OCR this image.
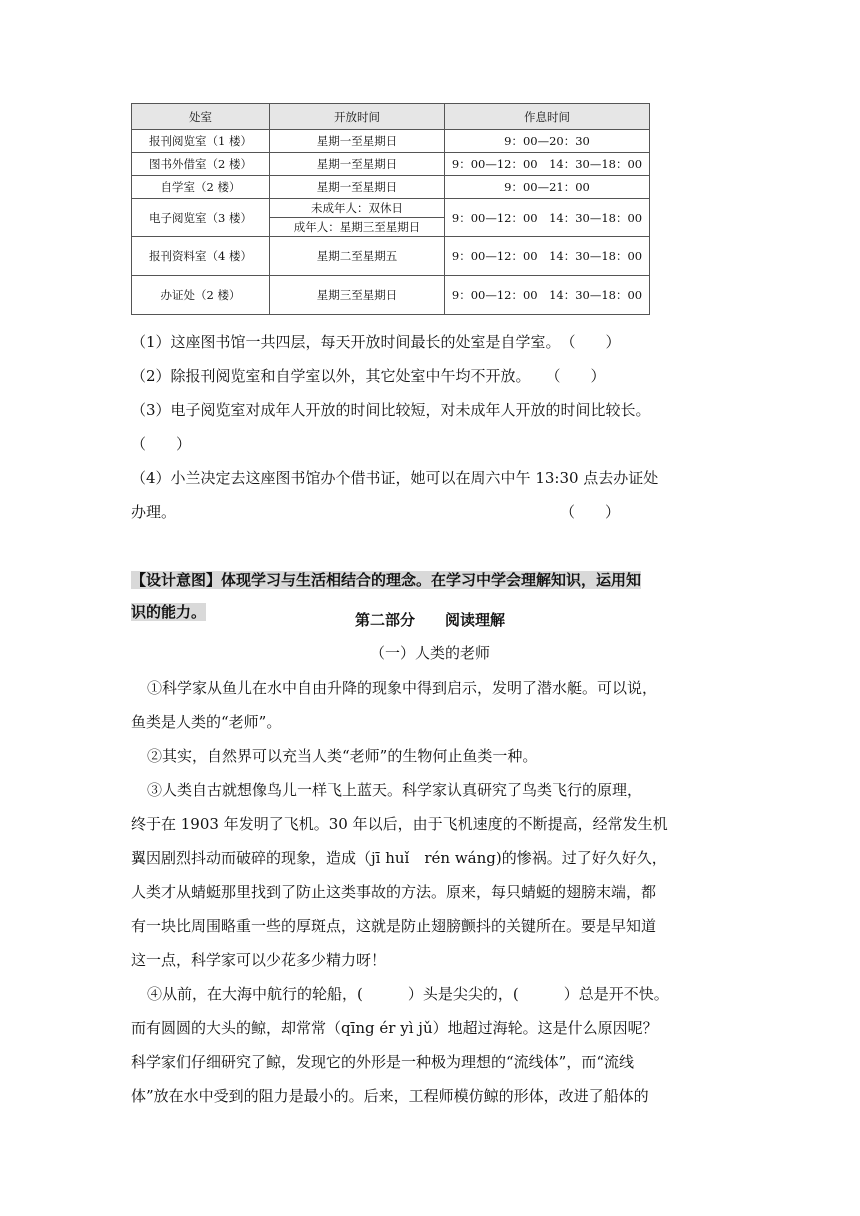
处室	开放时间	作息时间
报刊阅览室（1 楼）	星期一至星期日	9：00—20：30
图书外借室（2 楼）	星期一至星期日	9：00—12：00　14：30—18：00
自学室（2 楼）	星期一至星期日	9：00—21：00
电子阅览室（3 楼）	未成年人：双休日	9：00—12：00　14：30—18：00
	成年人：星期三至星期日	
报刊资料室（4 楼）	星期二至星期五	9：00—12：00　14：30—18：00
办证处（2 楼）	星期三至星期日	9：00—12：00　14：30—18：00
（1）这座图书馆一共四层，每天开放时间最长的处室是自学室。　（　　）
（2）除报刊阅览室和自学室以外，其它处室中午均不开放。　　（　　）
（3）电子阅览室对成年人开放的时间比较短，对未成年人开放的时间比较长。
（　　）
（4）小兰决定去这座图书馆办个借书证，她可以在周六中午 13:30 点去办证处
办理。	（　　）
【设计意图】体现学习与生活相结合的理念。在学习中学会理解知识，运用知
识的能力。	第二部分　　阅读理解
（一）人类的老师
①科学家从鱼儿在水中自由升降的现象中得到启示，发明了潜水艇。可以说，
鱼类是人类的“老师”。
②其实，自然界可以充当人类“老师”的生物何止鱼类一种。
③人类自古就想像鸟儿一样飞上蓝天。科学家认真研究了鸟类飞行的原理，
终于在 1903 年发明了飞机。30 年以后，由于飞机速度的不断提高，经常发生机
翼因剧烈抖动而破碎的现象，造成（jī huǐ　rén wáng)的惨祸。过了好久好久，
人类才从蜻蜓那里找到了防止这类事故的方法。原来，每只蜻蜓的翅膀末端，都
有一块比周围略重一些的厚斑点，这就是防止翅膀颤抖的关键所在。要是早知道
这一点，科学家可以少花多少精力呀！
④从前，在大海中航行的轮船，(　　　）头是尖尖的，(　　　）总是开不快。
而有圆圆的大头的鲸，却常常（qīng ér yì jǔ）地超过海轮。这是什么原因呢？
科学家们仔细研究了鲸，发现它的外形是一种极为理想的“流线体”，而“流线
体”放在水中受到的阻力是最小的。后来，工程师模仿鲸的形体，改进了船体的
